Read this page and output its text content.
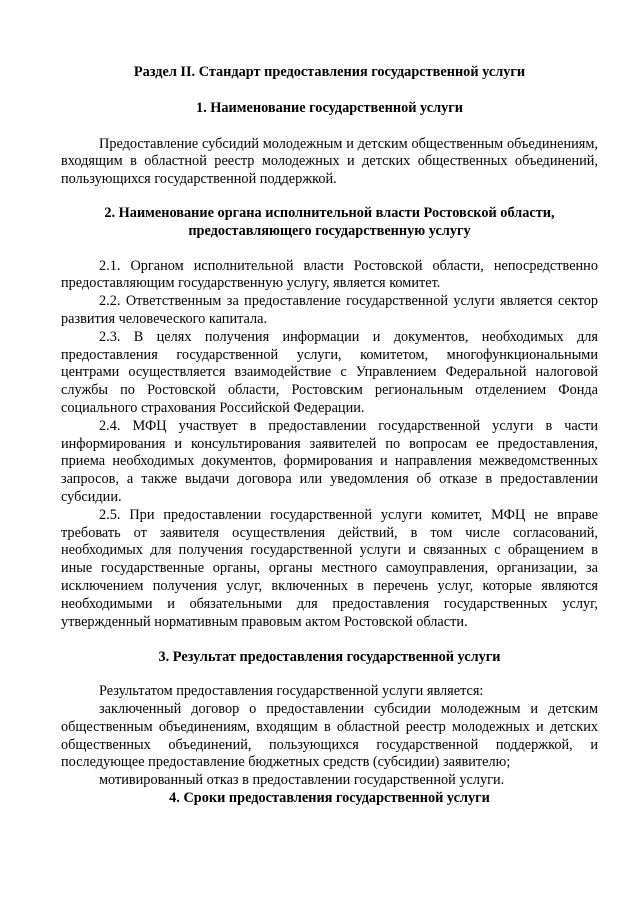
Раздел II. Стандарт предоставления государственной услуги

1. Наименование государственной услуги

Предоставление субсидий молодежным и детским общественным объединениям, входящим в областной реестр молодежных и детских общественных объединений, пользующихся государственной поддержкой.

2. Наименование органа исполнительной власти Ростовской области,

предоставляющего государственную услугу

2.1. Органом исполнительной власти Ростовской области, непосредственно предоставляющим государственную услугу, является комитет.

2.2. Ответственным за предоставление государственной услуги является сектор развития человеческого капитала.

2.3. В целях получения информации и документов, необходимых для предоставления государственной услуги, комитетом, многофункциональными центрами осуществляется взаимодействие с Управлением Федеральной налоговой службы по Ростовской области, Ростовским региональным отделением Фонда социального страхования Российской Федерации.

2.4. МФЦ участвует в предоставлении государственной услуги в части информирования и консультирования заявителей по вопросам ее предоставления, приема необходимых документов, формирования и направления межведомственных запросов, а также выдачи договора или уведомления об отказе в предоставлении субсидии.

2.5. При предоставлении государственной услуги комитет, МФЦ не вправе требовать от заявителя осуществления действий, в том числе согласований, необходимых для получения государственной услуги и связанных с обращением в иные государственные органы, органы местного самоуправления, организации, за исключением получения услуг, включенных в перечень услуг, которые являются необходимыми и обязательными для предоставления государственных услуг, утвержденный нормативным правовым актом Ростовской области.

3. Результат предоставления государственной услуги

Результатом предоставления государственной услуги является:

заключенный договор о предоставлении субсидии молодежным и детским общественным объединениям, входящим в областной реестр молодежных и детских общественных объединений, пользующихся государственной поддержкой, и последующее предоставление бюджетных средств (субсидии) заявителю;

мотивированный отказ в предоставлении государственной услуги.

4. Сроки предоставления государственной услуги
